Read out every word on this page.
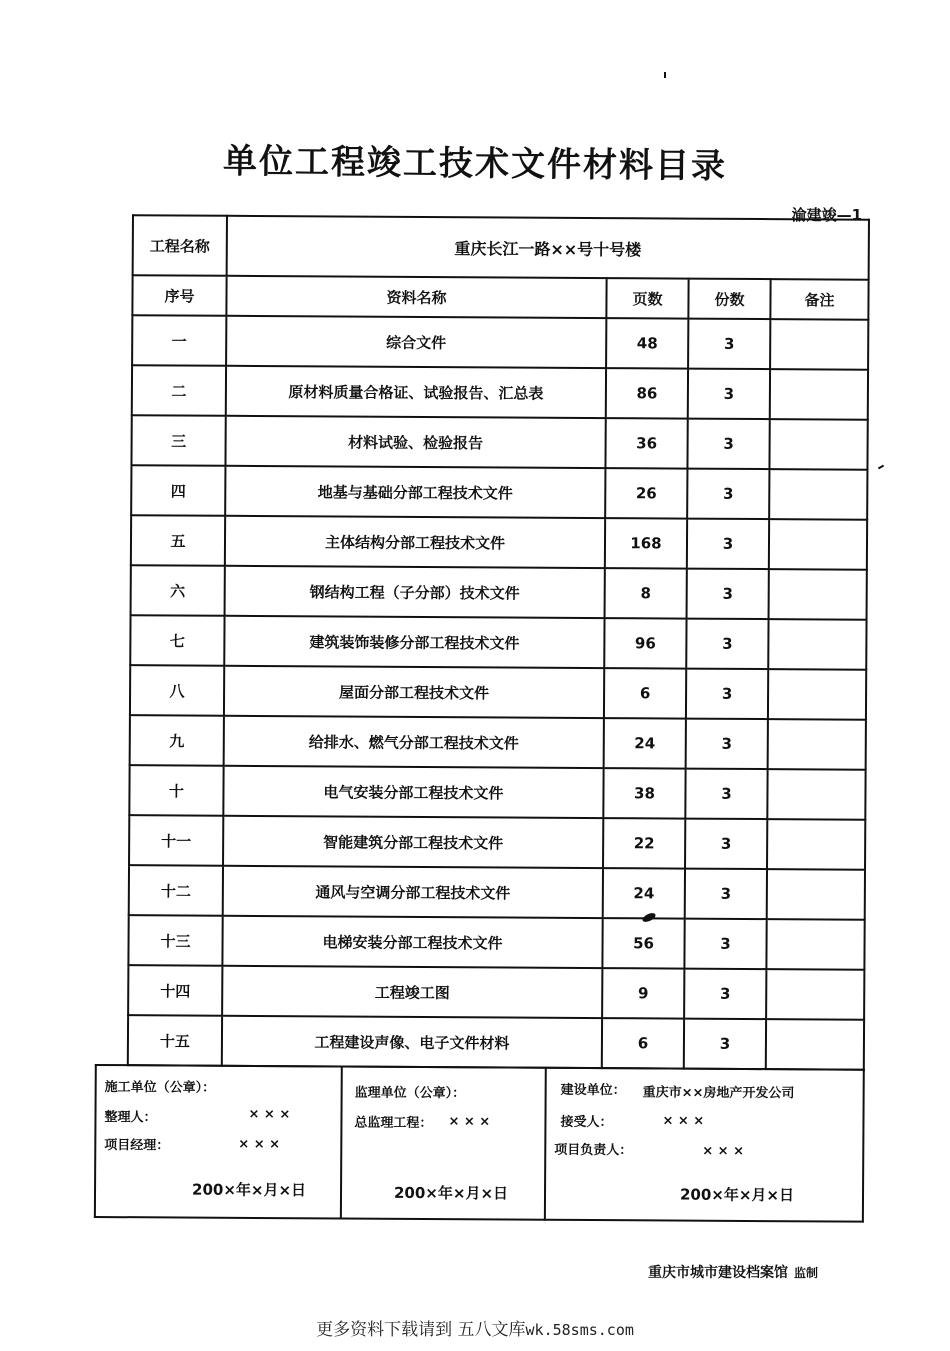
单位工程竣工技术文件材料目录
渝建竣—1
工程名称	重庆长江一路××号十号楼			
序号	资料名称	页数	份数	备注
一	综合文件	48	3	
二	原材料质量合格证、试验报告、汇总表	86	3	
三	材料试验、检验报告	36	3	
四	地基与基础分部工程技术文件	26	3	
五	主体结构分部工程技术文件	168	3	
六	钢结构工程（子分部）技术文件	8	3	
七	建筑装饰装修分部工程技术文件	96	3	
八	屋面分部工程技术文件	6	3	
九	给排水、燃气分部工程技术文件	24	3	
十	电气安装分部工程技术文件	38	3	
十一	智能建筑分部工程技术文件	22	3	
十二	通风与空调分部工程技术文件	24	3	
十三	电梯安装分部工程技术文件	56	3	
十四	工程竣工图	9	3	
十五	工程建设声像、电子文件材料	6	3	
施工单位（公章）：
整理人：	× × ×
项目经理：	× × ×
200×年×月×日

监理单位（公章）：
总监理工程： × × ×
200×年×月×日

建设单位： 重庆市××房地产开发公司
接受人：	× × ×
项目负责人：	× × ×
200×年×月×日
重庆市城市建设档案馆 监制
更多资料下载请到 五八文库wk.58sms.com
